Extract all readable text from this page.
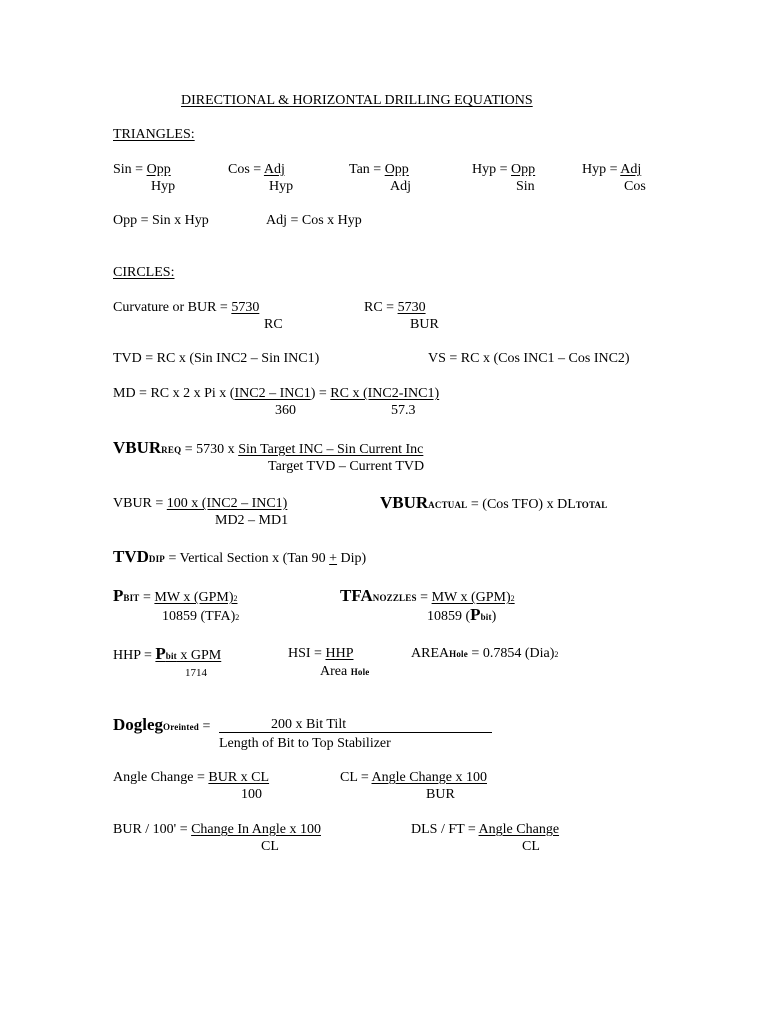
DIRECTIONAL & HORIZONTAL DRILLING EQUATIONS
TRIANGLES:
Sin = Opp
Hyp
Cos = Adj
Hyp
Tan = Opp
Adj
Hyp = Opp
Sin
Hyp = Adj
Cos
Opp = Sin x Hyp	Adj = Cos x Hyp
CIRCLES:
Curvature or BUR = 5730
RC
RC = 5730
BUR
TVD = RC x (Sin INC2 – Sin INC1)	VS = RC x (Cos INC1 – Cos INC2)
MD = RC x 2 x Pi x (INC2 – INC1) = RC x (INC2-INC1)
360	57.3
VBURREQ = 5730 x Sin Target INC – Sin Current Inc
Target TVD – Current TVD
VBUR = 100 x (INC2 – INC1)
MD2 – MD1
VBURACTUAL = (Cos TFO) x DLTOTAL
TVDDIP = Vertical Section x (Tan 90 + Dip)
PBIT = MW x (GPM)2
10859 (TFA)2
TFANOZZLES = MW x (GPM)2
10859 (Pbit)
HHP = Pbit x GPM
1714
HSI = HHP
Area Hole
AREAHole = 0.7854 (Dia)2
DoglegOreinted =	200 x Bit Tilt
Length of Bit to Top Stabilizer
Angle Change = BUR x CL
100
CL = Angle Change x 100
BUR
BUR / 100' = Change In Angle x 100
CL
DLS / FT = Angle Change
CL
